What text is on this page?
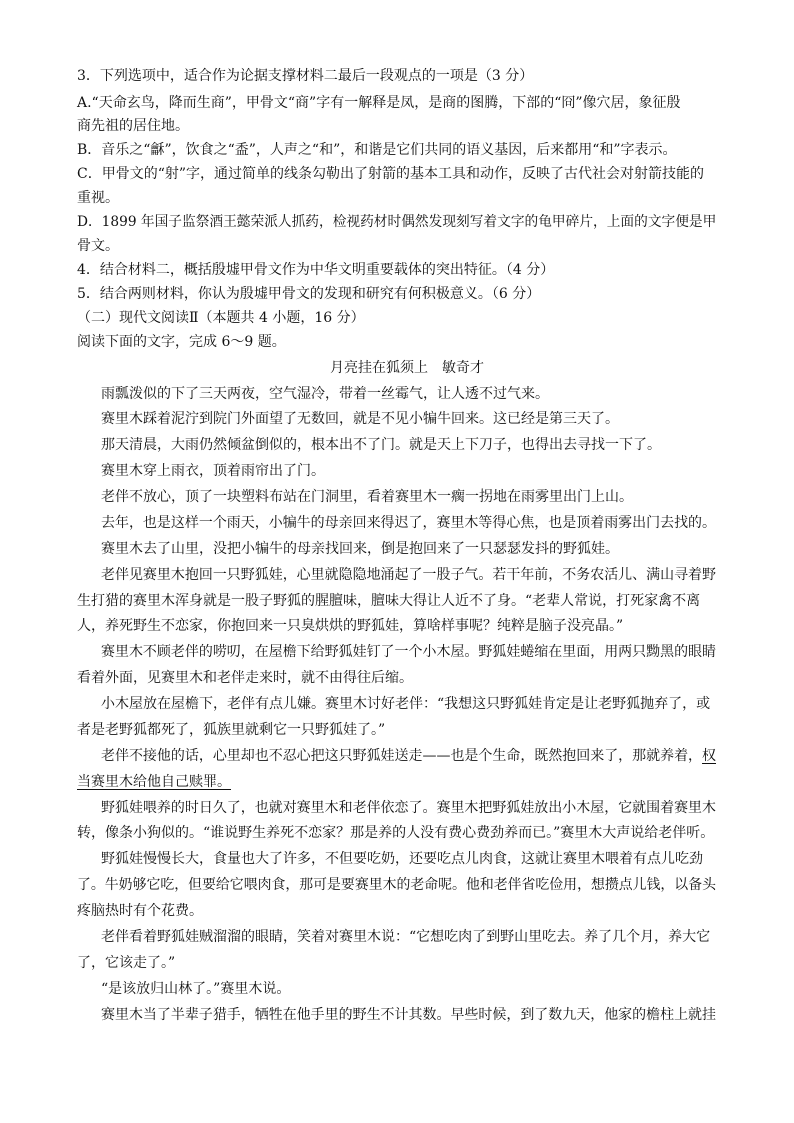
3．下列选项中，适合作为论据支撑材料二最后一段观点的一项是（3 分）
A.“天命玄鸟，降而生商”，甲骨文“商”字有一解释是凤，是商的图腾，下部的“冏”像穴居，象征殷
商先祖的居住地。
B．音乐之“龢”，饮食之“盉”，人声之“和”，和谐是它们共同的语义基因，后来都用“和”字表示。
C．甲骨文的“射”字，通过简单的线条勾勒出了射箭的基本工具和动作，反映了古代社会对射箭技能的
重视。
D．1899 年国子监祭酒王懿荣派人抓药，检视药材时偶然发现刻写着文字的龟甲碎片，上面的文字便是甲
骨文。
4．结合材料二，概括殷墟甲骨文作为中华文明重要载体的突出特征。（4 分）
5．结合两则材料，你认为殷墟甲骨文的发现和研究有何积极意义。（6 分）
（二）现代文阅读Ⅱ（本题共 4 小题，16 分）
阅读下面的文字，完成 6～9 题。
月亮挂在狐须上　敏奇才
雨瓢泼似的下了三天两夜，空气湿冷，带着一丝霉气，让人透不过气来。
赛里木踩着泥泞到院门外面望了无数回，就是不见小犏牛回来。这已经是第三天了。
那天清晨，大雨仍然倾盆倒似的，根本出不了门。就是天上下刀子，也得出去寻找一下了。
赛里木穿上雨衣，顶着雨帘出了门。
老伴不放心，顶了一块塑料布站在门洞里，看着赛里木一瘸一拐地在雨雾里出门上山。
去年，也是这样一个雨天，小犏牛的母亲回来得迟了，赛里木等得心焦，也是顶着雨雾出门去找的。
赛里木去了山里，没把小犏牛的母亲找回来，倒是抱回来了一只瑟瑟发抖的野狐娃。
老伴见赛里木抱回一只野狐娃，心里就隐隐地涌起了一股子气。若干年前，不务农活儿、满山寻着野
生打猎的赛里木浑身就是一股子野狐的腥膻味，膻味大得让人近不了身。“老辈人常说，打死家禽不离
人，养死野生不恋家，你抱回来一只臭烘烘的野狐娃，算啥样事呢？纯粹是脑子没亮晶。”
赛里木不顾老伴的唠叨，在屋檐下给野狐娃钉了一个小木屋。野狐娃蜷缩在里面，用两只黝黑的眼睛
看着外面，见赛里木和老伴走来时，就不由得往后缩。
小木屋放在屋檐下，老伴有点儿嫌。赛里木讨好老伴：“我想这只野狐娃肯定是让老野狐抛弃了，或
者是老野狐都死了，狐族里就剩它一只野狐娃了。”
老伴不接他的话，心里却也不忍心把这只野狐娃送走——也是个生命，既然抱回来了，那就养着，权
当赛里木给他自己赎罪。
野狐娃喂养的时日久了，也就对赛里木和老伴依恋了。赛里木把野狐娃放出小木屋，它就围着赛里木
转，像条小狗似的。“谁说野生养死不恋家？那是养的人没有费心费劲养而已。”赛里木大声说给老伴听。
野狐娃慢慢长大，食量也大了许多，不但要吃奶，还要吃点儿肉食，这就让赛里木喂着有点儿吃劲
了。牛奶够它吃，但要给它喂肉食，那可是要赛里木的老命呢。他和老伴省吃俭用，想攒点儿钱，以备头
疼脑热时有个花费。
老伴看着野狐娃贼溜溜的眼睛，笑着对赛里木说：“它想吃肉了到野山里吃去。养了几个月，养大它
了，它该走了。”
“是该放归山林了。”赛里木说。
赛里木当了半辈子猎手，牺牲在他手里的野生不计其数。早些时候，到了数九天，他家的檐柱上就挂
